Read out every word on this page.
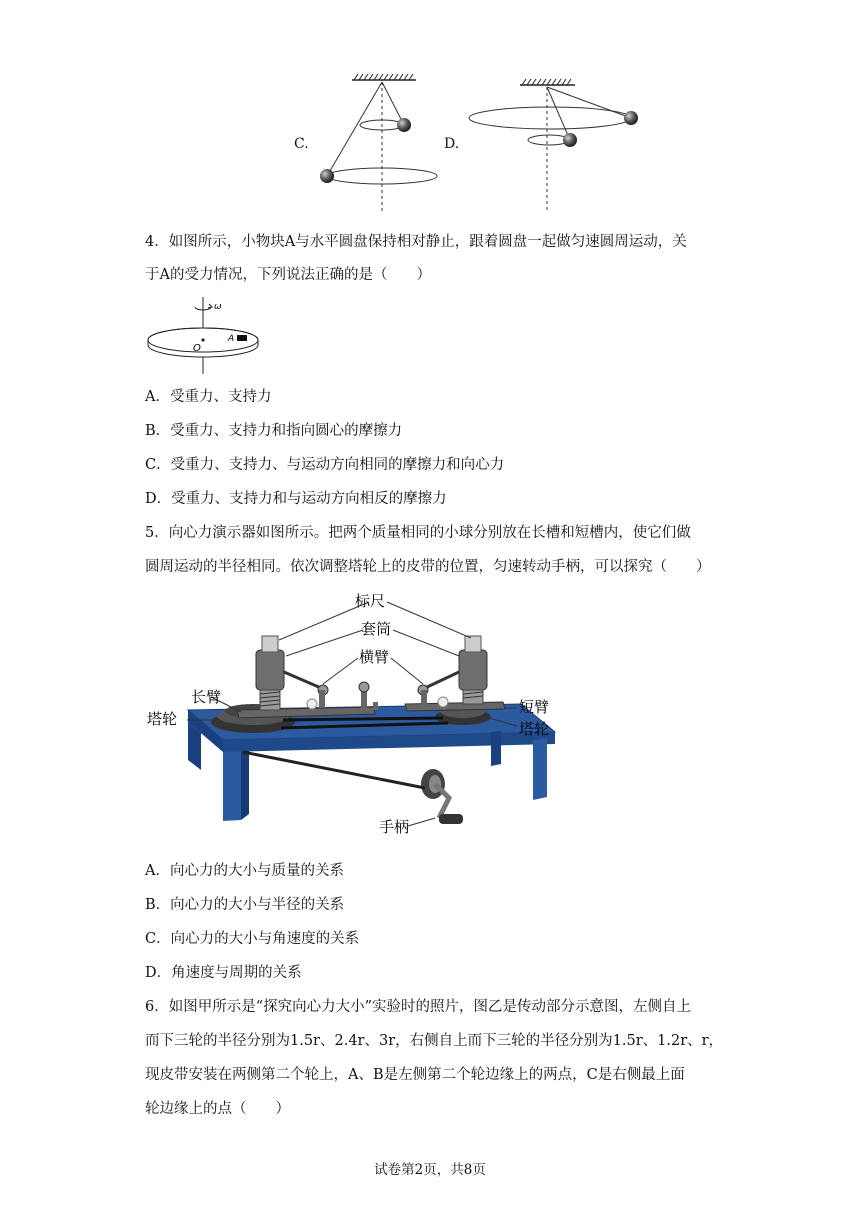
C.	D.
4．如图所示，小物块A与水平圆盘保持相对静止，跟着圆盘一起做匀速圆周运动，关
于A的受力情况，下列说法正确的是（　　）
ω
O
A
A．受重力、支持力
B．受重力、支持力和指向圆心的摩擦力
C．受重力、支持力、与运动方向相同的摩擦力和向心力
D．受重力、支持力和与运动方向相反的摩擦力
5．向心力演示器如图所示。把两个质量相同的小球分别放在长槽和短槽内，使它们做
圆周运动的半径相同。依次调整塔轮上的皮带的位置，匀速转动手柄，可以探究（　　）
标尺
套筒
横臂
长臂
塔轮
短臂
塔轮
手柄
A．向心力的大小与质量的关系
B．向心力的大小与半径的关系
C．向心力的大小与角速度的关系
D．角速度与周期的关系
6．如图甲所示是“探究向心力大小”实验时的照片，图乙是传动部分示意图，左侧自上
而下三轮的半径分别为1.5r、2.4r、3r，右侧自上而下三轮的半径分别为1.5r、1.2r、r，
现皮带安装在两侧第二个轮上，A、B是左侧第二个轮边缘上的两点，C是右侧最上面
轮边缘上的点（　　）
试卷第2页，共8页
